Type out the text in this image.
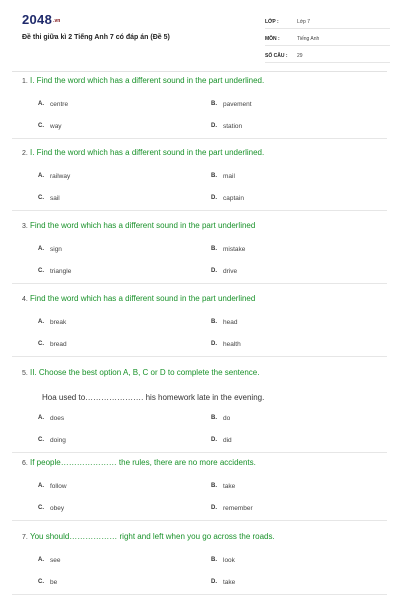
2048.vn
Đề thi giữa kì 2 Tiếng Anh 7 có đáp án (Đề 5)
LỚP :	Lớp 7
MÔN :	Tiếng Anh
SỐ CÂU :	29
1. I. Find the word which has a different sound in the part underlined.
A. centre	B. pavement
C. way	D. station
2. I. Find the word which has a different sound in the part underlined.
A. railway	B. mail
C. sail	D. captain
3. Find the word which has a different sound in the part underlined
A. sign	B. mistake
C. triangle	D. drive
4. Find the word which has a different sound in the part underlined
A. break	B. head
C. bread	D. health
5. II. Choose the best option A, B, C or D to complete the sentence.
Hoa used to…………………. his homework late in the evening.
A. does	B. do
C. doing	D. did
6. If people………………… the rules, there are no more accidents.
A. follow	B. take
C. obey	D. remember
7. You should……………… right and left when you go across the roads.
A. see	B. look
C. be	D. take
